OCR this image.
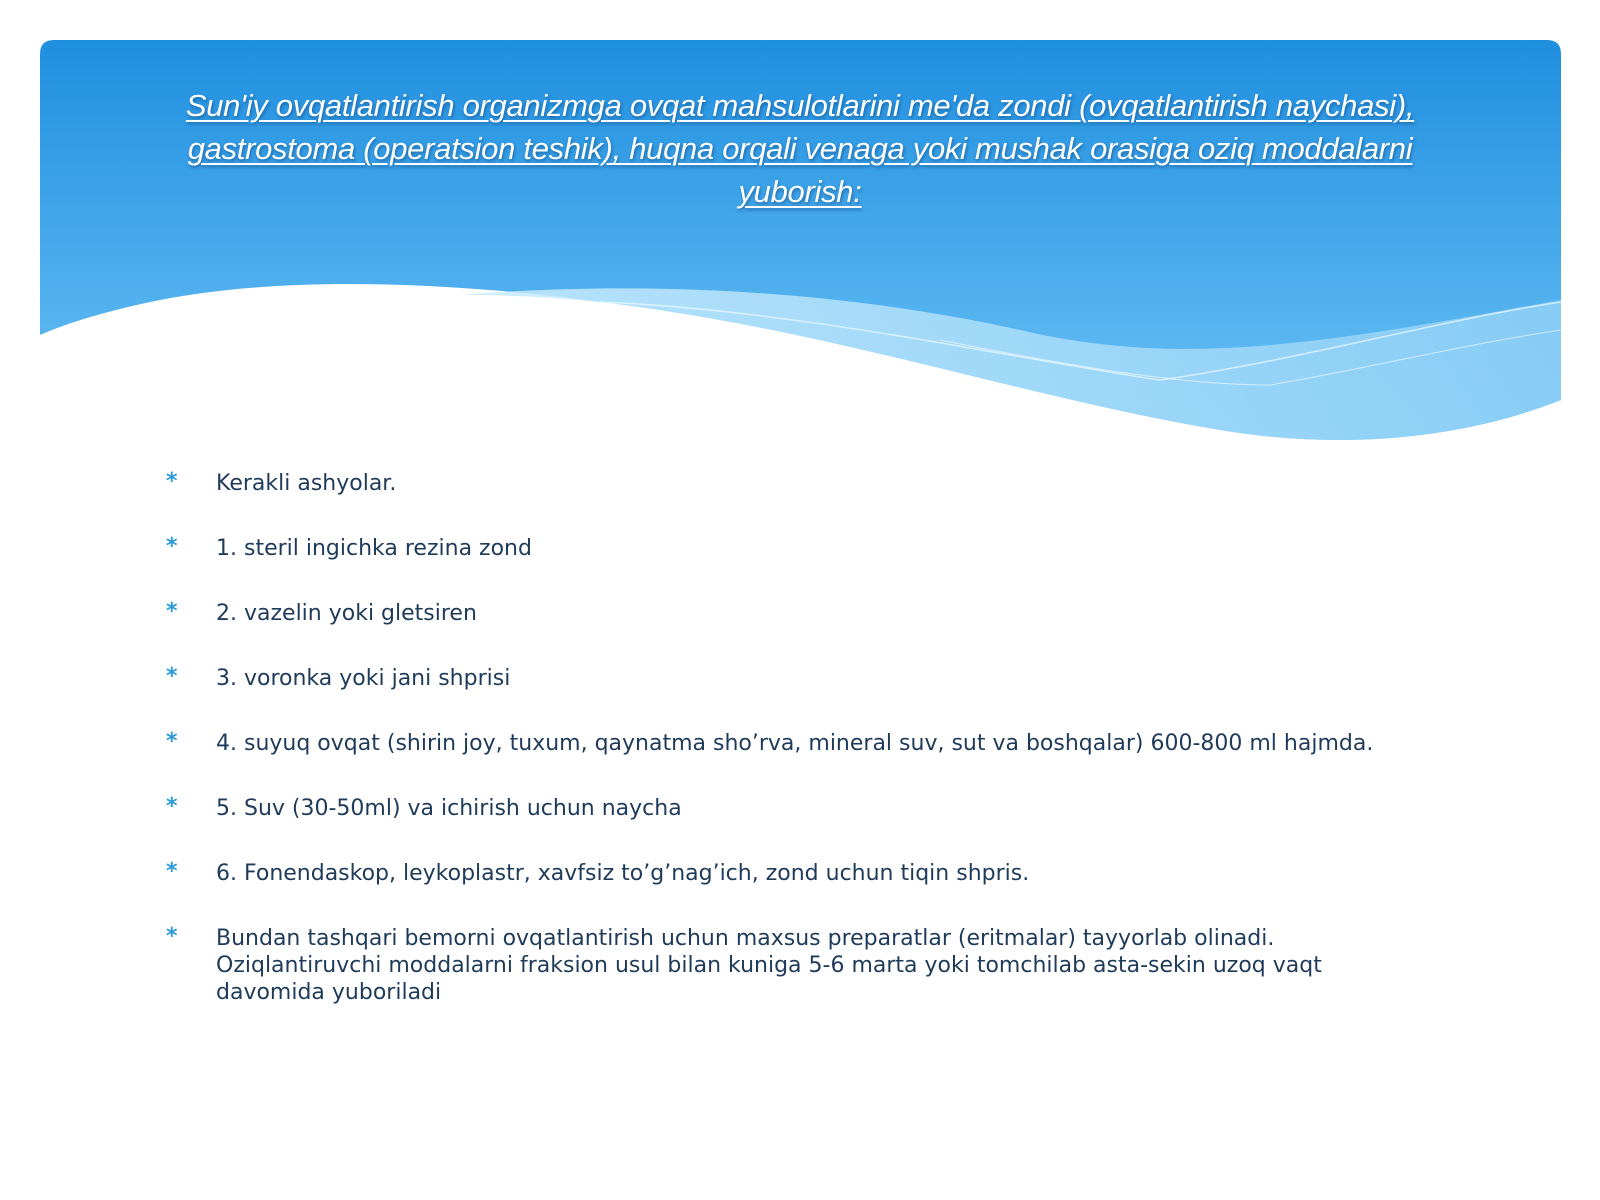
Sun'iy ovqatlantirish organizmga ovqat mahsulotlarini me'da zondi (ovqatlantirish naychasi), gastrostoma (operatsion teshik), huqna orqali venaga yoki mushak orasiga oziq moddalarni yuborish:

* Kerakli ashyolar.
* 1. steril ingichka rezina zond
* 2. vazelin yoki gletsiren
* 3. voronka yoki jani shprisi
* 4. suyuq ovqat (shirin joy, tuxum, qaynatma sho’rva, mineral suv, sut va boshqalar) 600-800 ml hajmda.
* 5. Suv (30-50ml) va ichirish uchun naycha
* 6. Fonendaskop, leykoplastr, xavfsiz to’g’nag’ich, zond uchun tiqin shpris.
* Bundan tashqari bemorni ovqatlantirish uchun maxsus preparatlar (eritmalar) tayyorlab olinadi. Oziqlantiruvchi moddalarni fraksion usul bilan kuniga 5-6 marta yoki tomchilab asta-sekin uzoq vaqt davomida yuboriladi
